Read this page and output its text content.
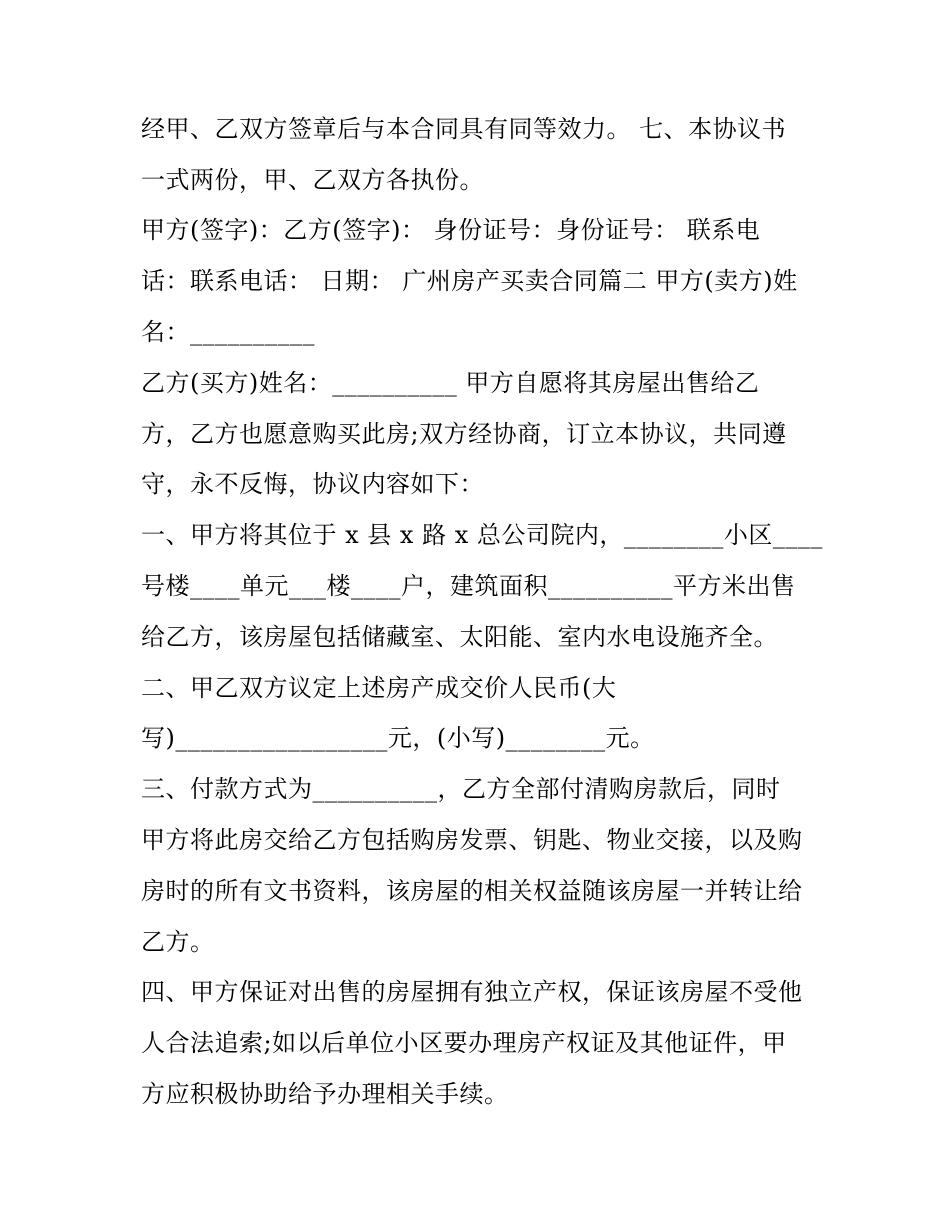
经甲、乙双方签章后与本合同具有同等效力。 七、本协议书
一式两份，甲、乙双方各执份。
甲方(签字)：乙方(签字)： 身份证号：身份证号： 联系电
话：联系电话： 日期： 广州房产买卖合同篇二 甲方(卖方)姓
名：__________
乙方(买方)姓名：__________ 甲方自愿将其房屋出售给乙
方，乙方也愿意购买此房;双方经协商，订立本协议，共同遵
守，永不反悔，协议内容如下：
一、甲方将其位于 x 县 x 路 x 总公司院内，________小区____
号楼____单元___楼____户，建筑面积__________平方米出售
给乙方，该房屋包括储藏室、太阳能、室内水电设施齐全。
二、甲乙双方议定上述房产成交价人民币(大
写)_________________元，(小写)________元。
三、付款方式为__________，乙方全部付清购房款后，同时
甲方将此房交给乙方包括购房发票、钥匙、物业交接，以及购
房时的所有文书资料，该房屋的相关权益随该房屋一并转让给
乙方。
四、甲方保证对出售的房屋拥有独立产权，保证该房屋不受他
人合法追索;如以后单位小区要办理房产权证及其他证件，甲
方应积极协助给予办理相关手续。
